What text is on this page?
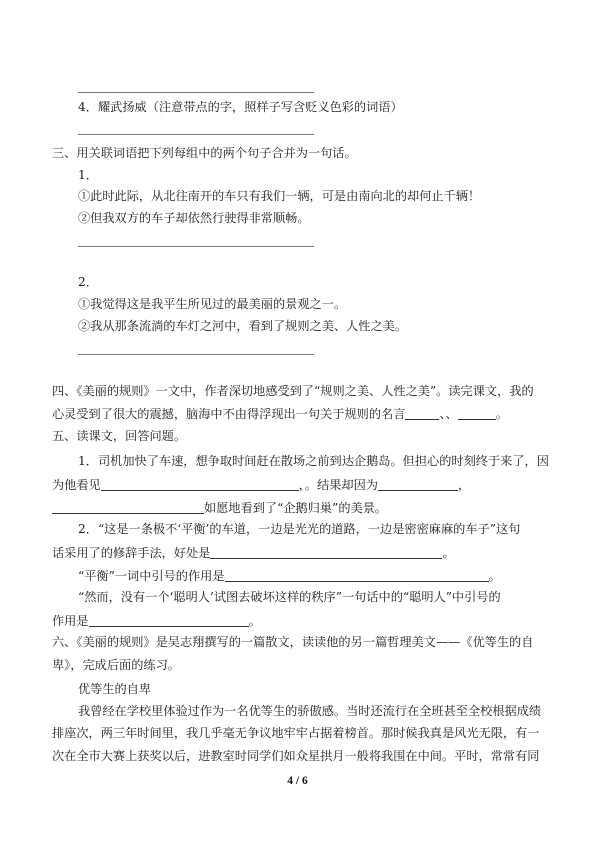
4．耀武扬威（注意带点的字，照样子写含贬义色彩的词语）
三、用关联词语把下列每组中的两个句子合并为一句话。
1．
①此时此际，从北往南开的车只有我们一辆，可是由南向北的却何止千辆！
②但我双方的车子却依然行驶得非常顺畅。
2．
①我觉得这是我平生所见过的最美丽的景观之一。
②我从那条流淌的车灯之河中，看到了规则之美、人性之美。
四、《美丽的规则》一文中，作者深切地感受到了“规则之美、人性之美”。读完课文，我的
心灵受到了很大的震撼，脑海中不由得浮现出一句关于规则的名言	、、	。
五、读课文，回答问题。
1．司机加快了车速，想争取时间赶在散场之前到达企鹅岛。但担心的时刻终于来了，因
为他看见	，。结果却因为	，
如愿地看到了“企鹅归巢”的美景。
2．“这是一条极不‘平衡’的车道，一边是光光的道路，一边是密密麻麻的车子”这句
话采用了的修辞手法，好处是	。
“平衡”一词中引号的作用是	。
“然而，没有一个‘聪明人’试图去破坏这样的秩序”一句话中的“聪明人”中引号的
作用是	。
六、《美丽的规则》是吴志翔撰写的一篇散文，读读他的另一篇哲理美文——《优等生的自
卑》，完成后面的练习。
优等生的自卑
我曾经在学校里体验过作为一名优等生的骄傲感。当时还流行在全班甚至全校根据成绩
排座次，两三年时间里，我几乎毫无争议地牢牢占据着榜首。那时候我真是风光无限，有一
次在全市大赛上获奖以后，进教室时同学们如众星拱月一般将我围在中间。平时，常常有同
4 / 6
